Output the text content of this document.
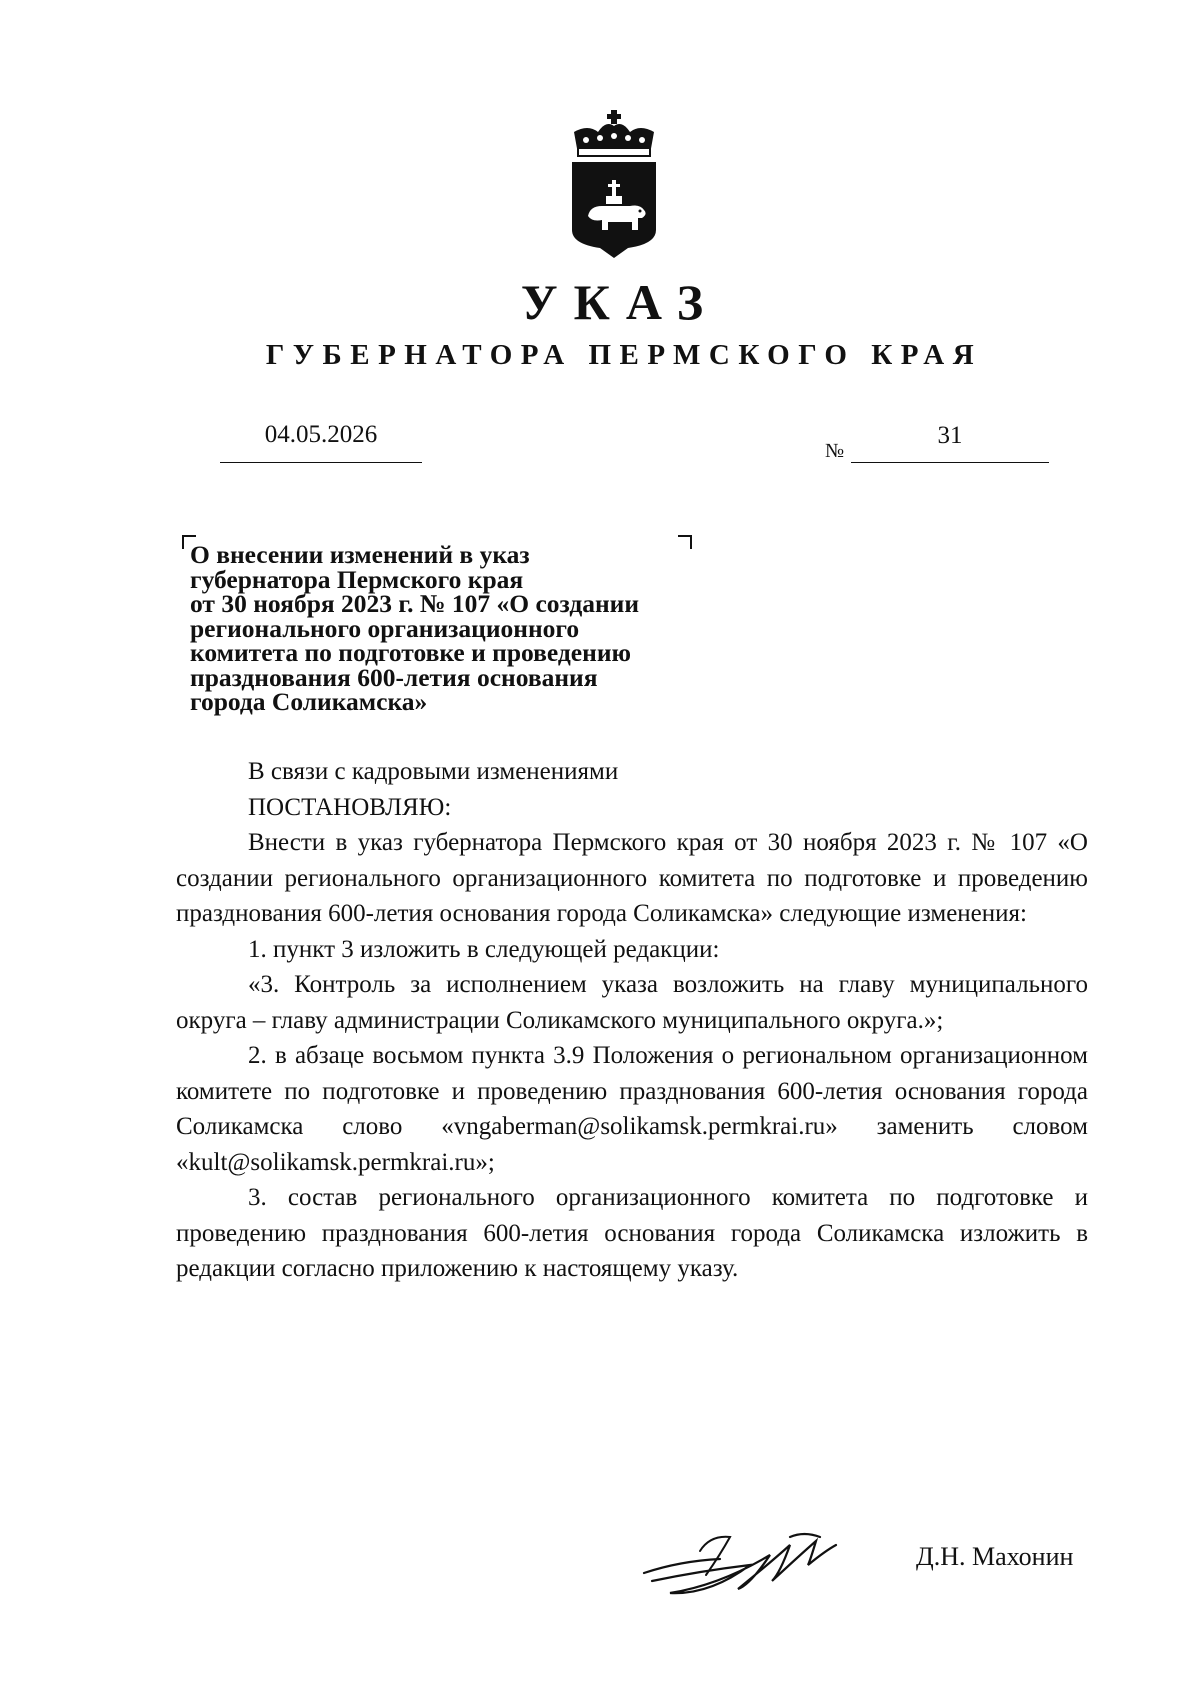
УКАЗ
ГУБЕРНАТОРА ПЕРМСКОГО КРАЯ
04.05.2026
№
31

О внесении изменений в указ
губернатора Пермского края
от 30 ноября 2023 г. № 107 «О создании
регионального организационного
комитета по подготовке и проведению
празднования 600-летия основания
города Соликамска»

В связи с кадровыми изменениями

ПОСТАНОВЛЯЮ:

Внести в указ губернатора Пермского края от 30 ноября 2023 г. № 107 «О создании регионального организационного комитета по подготовке и проведению празднования 600-летия основания города Соликамска» следующие изменения:

1. пункт 3 изложить в следующей редакции:

«3. Контроль за исполнением указа возложить на главу муниципального округа – главу администрации Соликамского муниципального округа.»;

2. в абзаце восьмом пункта 3.9 Положения о региональном организационном комитете по подготовке и проведению празднования 600-летия основания города Соликамска слово «vngaberman@solikamsk.permkrai.ru» заменить словом «kult@solikamsk.permkrai.ru»;

3. состав регионального организационного комитета по подготовке и проведению празднования 600-летия основания города Соликамска изложить в редакции согласно приложению к настоящему указу.

Д.Н. Махонин
